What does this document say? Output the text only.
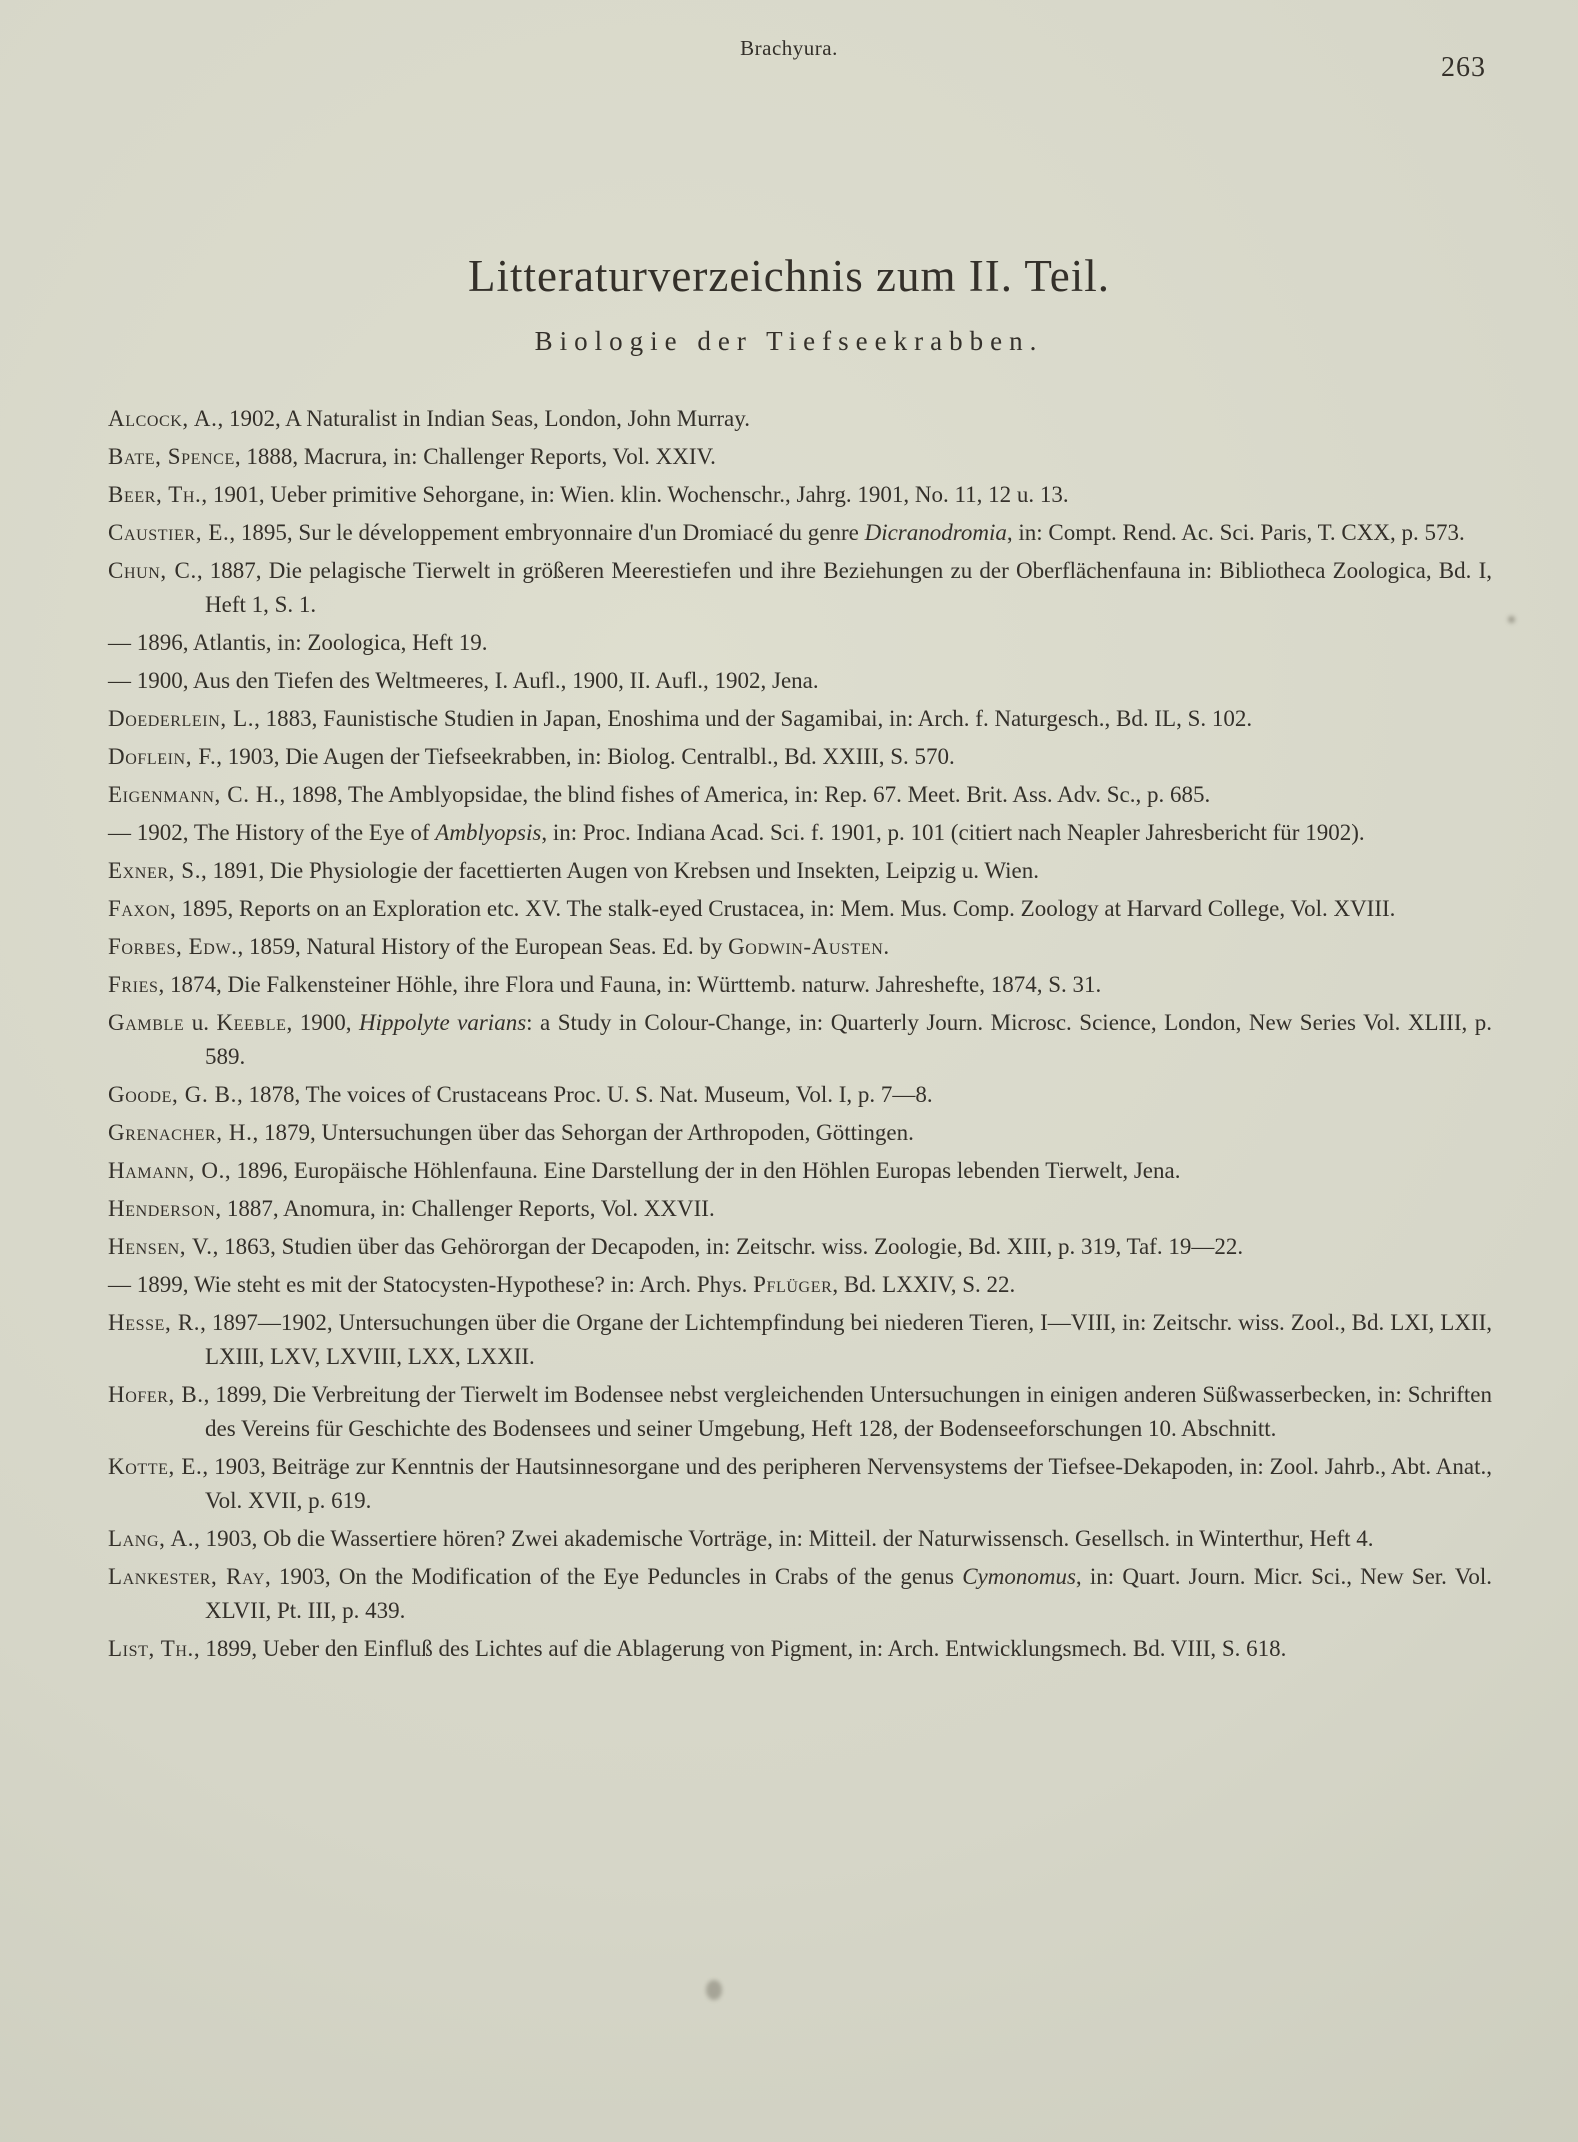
Brachyura.
263
Litteraturverzeichnis zum II. Teil.
Biologie der Tiefseekrabben.

Alcock, A., 1902, A Naturalist in Indian Seas, London, John Murray.

Bate, Spence, 1888, Macrura, in: Challenger Reports, Vol. XXIV.

Beer, Th., 1901, Ueber primitive Sehorgane, in: Wien. klin. Wochenschr., Jahrg. 1901, No. 11, 12 u. 13.

Caustier, E., 1895, Sur le développement embryonnaire d'un Dromiacé du genre Dicranodromia, in: Compt. Rend. Ac. Sci. Paris, T. CXX, p. 573.

Chun, C., 1887, Die pelagische Tierwelt in größeren Meerestiefen und ihre Beziehungen zu der Oberflächenfauna in: Bibliotheca Zoologica, Bd. I, Heft 1, S. 1.

— 1896, Atlantis, in: Zoologica, Heft 19.

— 1900, Aus den Tiefen des Weltmeeres, I. Aufl., 1900, II. Aufl., 1902, Jena.

Doederlein, L., 1883, Faunistische Studien in Japan, Enoshima und der Sagamibai, in: Arch. f. Naturgesch., Bd. IL, S. 102.

Doflein, F., 1903, Die Augen der Tiefseekrabben, in: Biolog. Centralbl., Bd. XXIII, S. 570.

Eigenmann, C. H., 1898, The Amblyopsidae, the blind fishes of America, in: Rep. 67. Meet. Brit. Ass. Adv. Sc., p. 685.

— 1902, The History of the Eye of Amblyopsis, in: Proc. Indiana Acad. Sci. f. 1901, p. 101 (citiert nach Neapler Jahresbericht für 1902).

Exner, S., 1891, Die Physiologie der facettierten Augen von Krebsen und Insekten, Leipzig u. Wien.

Faxon, 1895, Reports on an Exploration etc. XV. The stalk-eyed Crustacea, in: Mem. Mus. Comp. Zoology at Harvard College, Vol. XVIII.

Forbes, Edw., 1859, Natural History of the European Seas. Ed. by Godwin-Austen.

Fries, 1874, Die Falkensteiner Höhle, ihre Flora und Fauna, in: Württemb. naturw. Jahreshefte, 1874, S. 31.

Gamble u. Keeble, 1900, Hippolyte varians: a Study in Colour-Change, in: Quarterly Journ. Microsc. Science, London, New Series Vol. XLIII, p. 589.

Goode, G. B., 1878, The voices of Crustaceans Proc. U. S. Nat. Museum, Vol. I, p. 7—8.

Grenacher, H., 1879, Untersuchungen über das Sehorgan der Arthropoden, Göttingen.

Hamann, O., 1896, Europäische Höhlenfauna. Eine Darstellung der in den Höhlen Europas lebenden Tierwelt, Jena.

Henderson, 1887, Anomura, in: Challenger Reports, Vol. XXVII.

Hensen, V., 1863, Studien über das Gehörorgan der Decapoden, in: Zeitschr. wiss. Zoologie, Bd. XIII, p. 319, Taf. 19—22.

— 1899, Wie steht es mit der Statocysten-Hypothese? in: Arch. Phys. Pflüger, Bd. LXXIV, S. 22.

Hesse, R., 1897—1902, Untersuchungen über die Organe der Lichtempfindung bei niederen Tieren, I—VIII, in: Zeitschr. wiss. Zool., Bd. LXI, LXII, LXIII, LXV, LXVIII, LXX, LXXII.

Hofer, B., 1899, Die Verbreitung der Tierwelt im Bodensee nebst vergleichenden Untersuchungen in einigen anderen Süßwasserbecken, in: Schriften des Vereins für Geschichte des Bodensees und seiner Umgebung, Heft 128, der Bodenseeforschungen 10. Abschnitt.

Kotte, E., 1903, Beiträge zur Kenntnis der Hautsinnesorgane und des peripheren Nervensystems der Tiefsee-Dekapoden, in: Zool. Jahrb., Abt. Anat., Vol. XVII, p. 619.

Lang, A., 1903, Ob die Wassertiere hören? Zwei akademische Vorträge, in: Mitteil. der Naturwissensch. Gesellsch. in Winterthur, Heft 4.

Lankester, Ray, 1903, On the Modification of the Eye Peduncles in Crabs of the genus Cymonomus, in: Quart. Journ. Micr. Sci., New Ser. Vol. XLVII, Pt. III, p. 439.

List, Th., 1899, Ueber den Einfluß des Lichtes auf die Ablagerung von Pigment, in: Arch. Entwicklungsmech. Bd. VIII, S. 618.
